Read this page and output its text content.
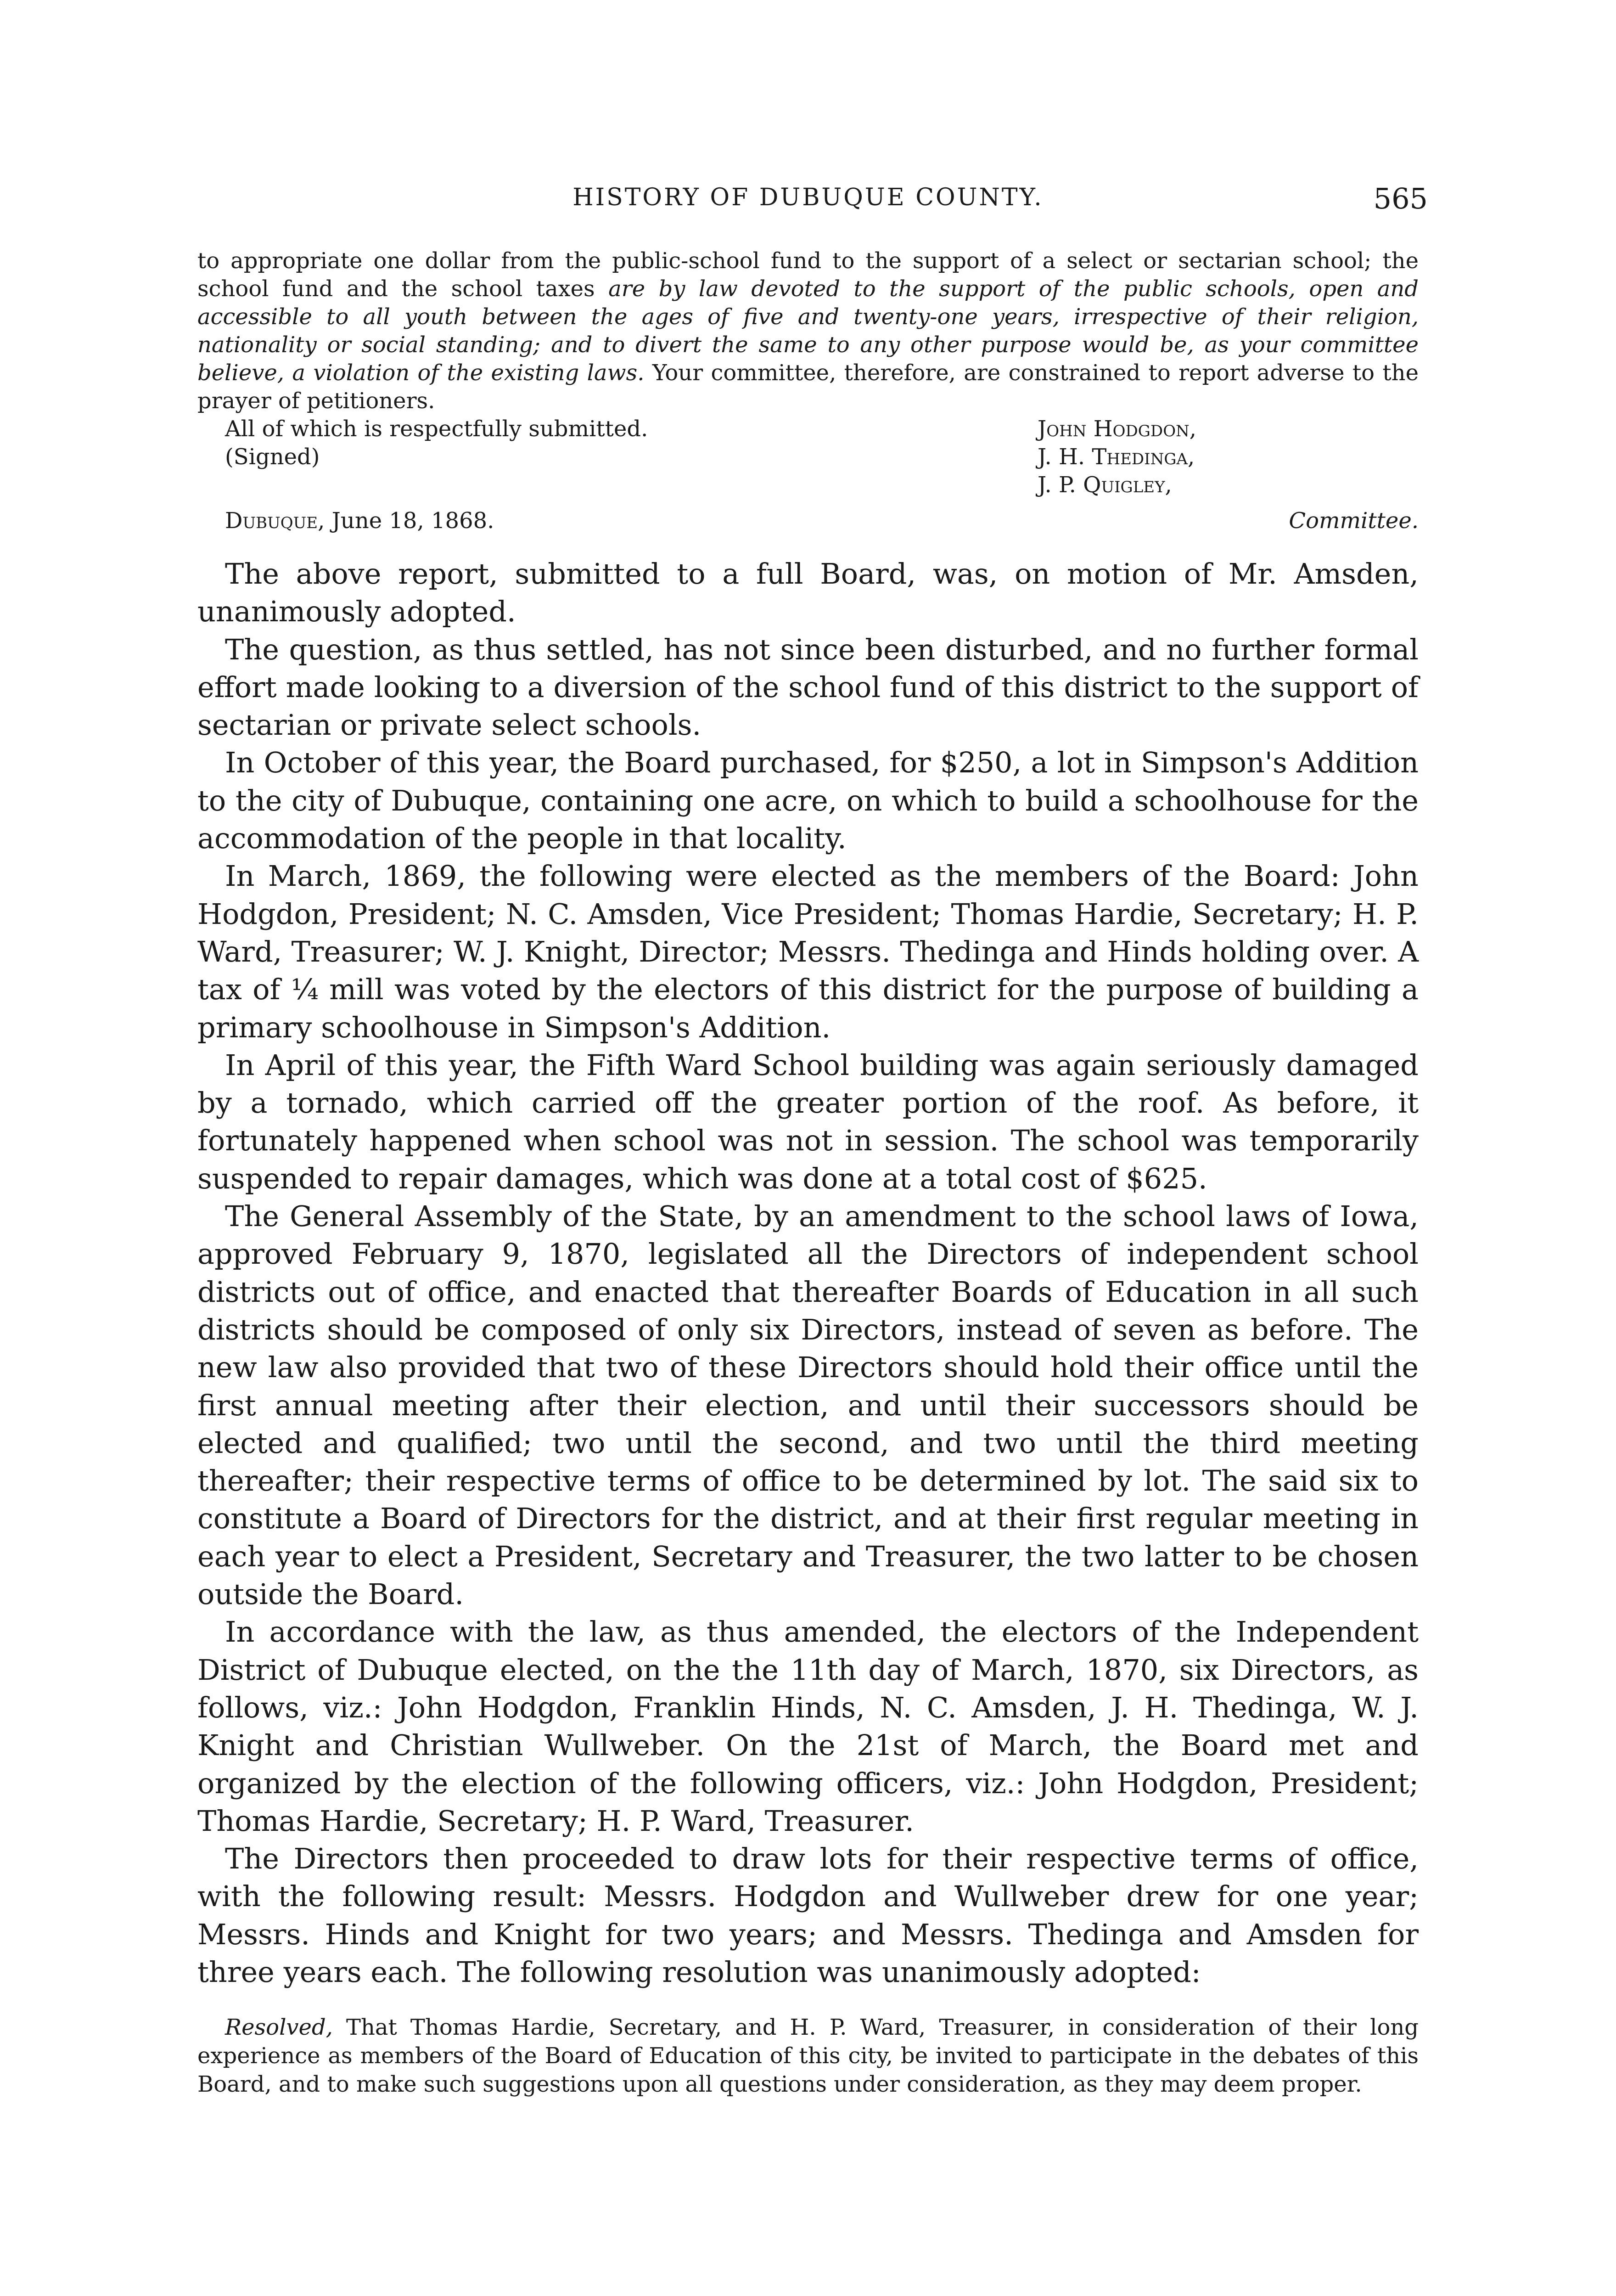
HISTORY OF DUBUQUE COUNTY.	565

to appropriate one dollar from the public-school fund to the support of a select or sectarian school; the school fund and the school taxes are by law devoted to the support of the public schools, open and accessible to all youth between the ages of five and twenty-one years, irrespective of their religion, nationality or social standing; and to divert the same to any other purpose would be, as your committee believe, a violation of the existing laws. Your committee, therefore, are constrained to report adverse to the prayer of petitioners.

All of which is respectfully submitted.
(Signed)
John Hodgdon,
J. H. Thedinga,
J. P. Quigley,
Dubuque, June 18, 1868.	Committee.

The above report, submitted to a full Board, was, on motion of Mr. Amsden, unanimously adopted.

The question, as thus settled, has not since been disturbed, and no further formal effort made looking to a diversion of the school fund of this district to the support of sectarian or private select schools.

In October of this year, the Board purchased, for $250, a lot in Simpson's Addition to the city of Dubuque, containing one acre, on which to build a schoolhouse for the accommodation of the people in that locality.

In March, 1869, the following were elected as the members of the Board: John Hodgdon, President; N. C. Amsden, Vice President; Thomas Hardie, Secretary; H. P. Ward, Treasurer; W. J. Knight, Director; Messrs. Thedinga and Hinds holding over. A tax of ¼ mill was voted by the electors of this district for the purpose of building a primary schoolhouse in Simpson's Addition.

In April of this year, the Fifth Ward School building was again seriously damaged by a tornado, which carried off the greater portion of the roof. As before, it fortunately happened when school was not in session. The school was temporarily suspended to repair damages, which was done at a total cost of $625.

The General Assembly of the State, by an amendment to the school laws of Iowa, approved February 9, 1870, legislated all the Directors of independent school districts out of office, and enacted that thereafter Boards of Education in all such districts should be composed of only six Directors, instead of seven as before. The new law also provided that two of these Directors should hold their office until the first annual meeting after their election, and until their successors should be elected and qualified; two until the second, and two until the third meeting thereafter; their respective terms of office to be determined by lot. The said six to constitute a Board of Directors for the district, and at their first regular meeting in each year to elect a President, Secretary and Treasurer, the two latter to be chosen outside the Board.

In accordance with the law, as thus amended, the electors of the Independent District of Dubuque elected, on the the 11th day of March, 1870, six Directors, as follows, viz.: John Hodgdon, Franklin Hinds, N. C. Amsden, J. H. Thedinga, W. J. Knight and Christian Wullweber. On the 21st of March, the Board met and organized by the election of the following officers, viz.: John Hodgdon, President; Thomas Hardie, Secretary; H. P. Ward, Treasurer.

The Directors then proceeded to draw lots for their respective terms of office, with the following result: Messrs. Hodgdon and Wullweber drew for one year; Messrs. Hinds and Knight for two years; and Messrs. Thedinga and Amsden for three years each. The following resolution was unanimously adopted:

Resolved, That Thomas Hardie, Secretary, and H. P. Ward, Treasurer, in consideration of their long experience as members of the Board of Education of this city, be invited to participate in the debates of this Board, and to make such suggestions upon all questions under consideration, as they may deem proper.
